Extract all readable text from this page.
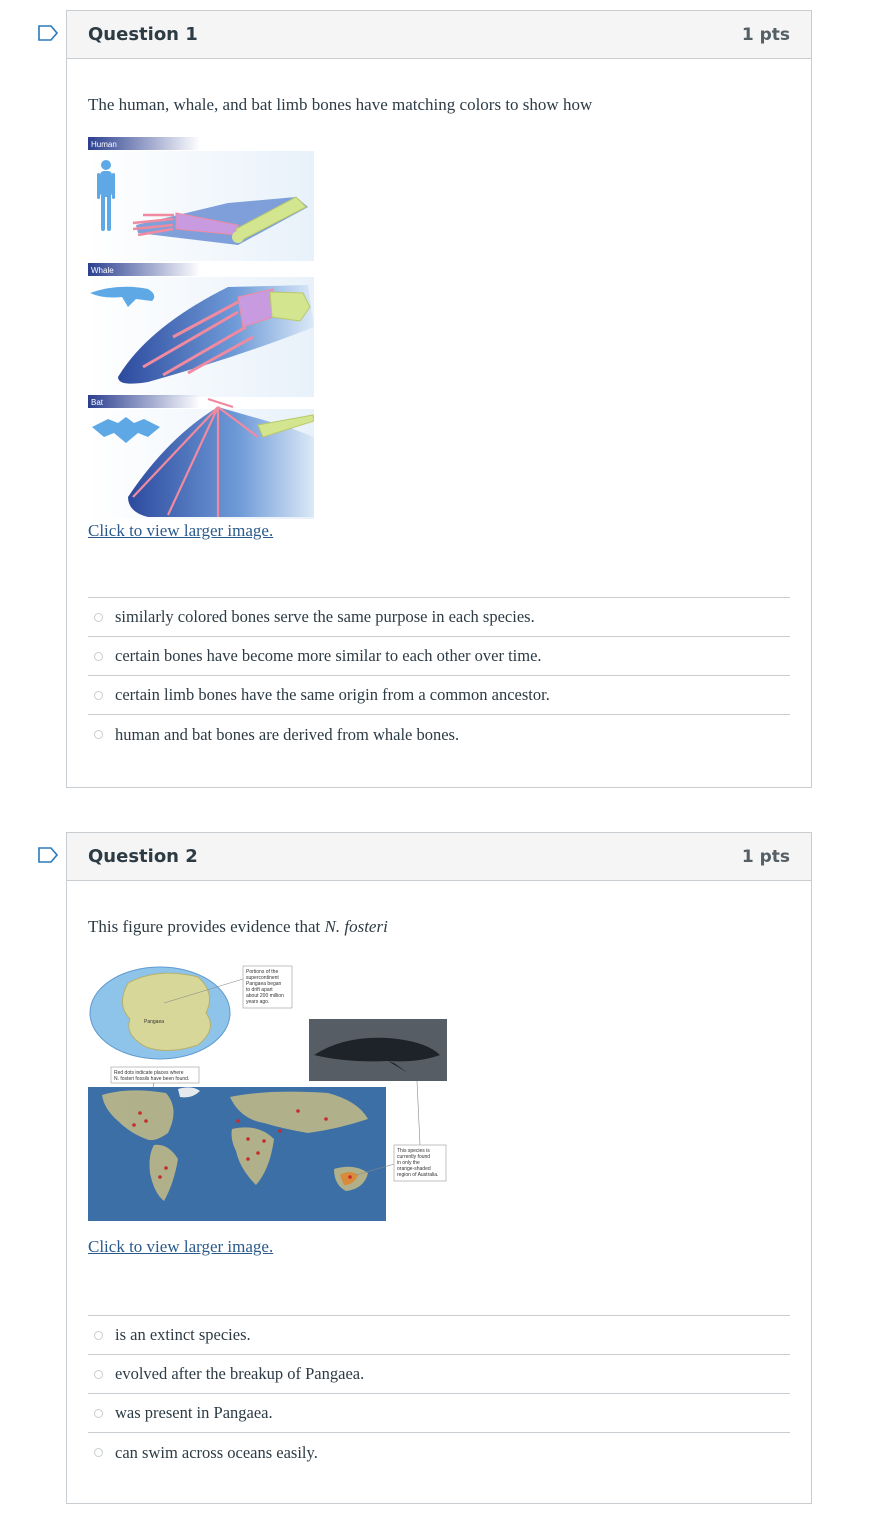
Question 1	1 pts

The human, whale, and bat limb bones have matching colors to show how

Human
Whale
Bat
Click to view larger image.
similarly colored bones serve the same purpose in each species.
certain bones have become more similar to each other over time.
certain limb bones have the same origin from a common ancestor.
human and bat bones are derived from whale bones.
Question 2	1 pts

This figure provides evidence that N. fosteri

Pangaea
Portions of the
supercontinent
Pangaea began
to drift apart
about 200 million
years ago.
Red dots indicate places where
N. fosteri fossils have been found.
This species is
currently found
in only the
orange-shaded
region of Australia.
Click to view larger image.
is an extinct species.
evolved after the breakup of Pangaea.
was present in Pangaea.
can swim across oceans easily.
